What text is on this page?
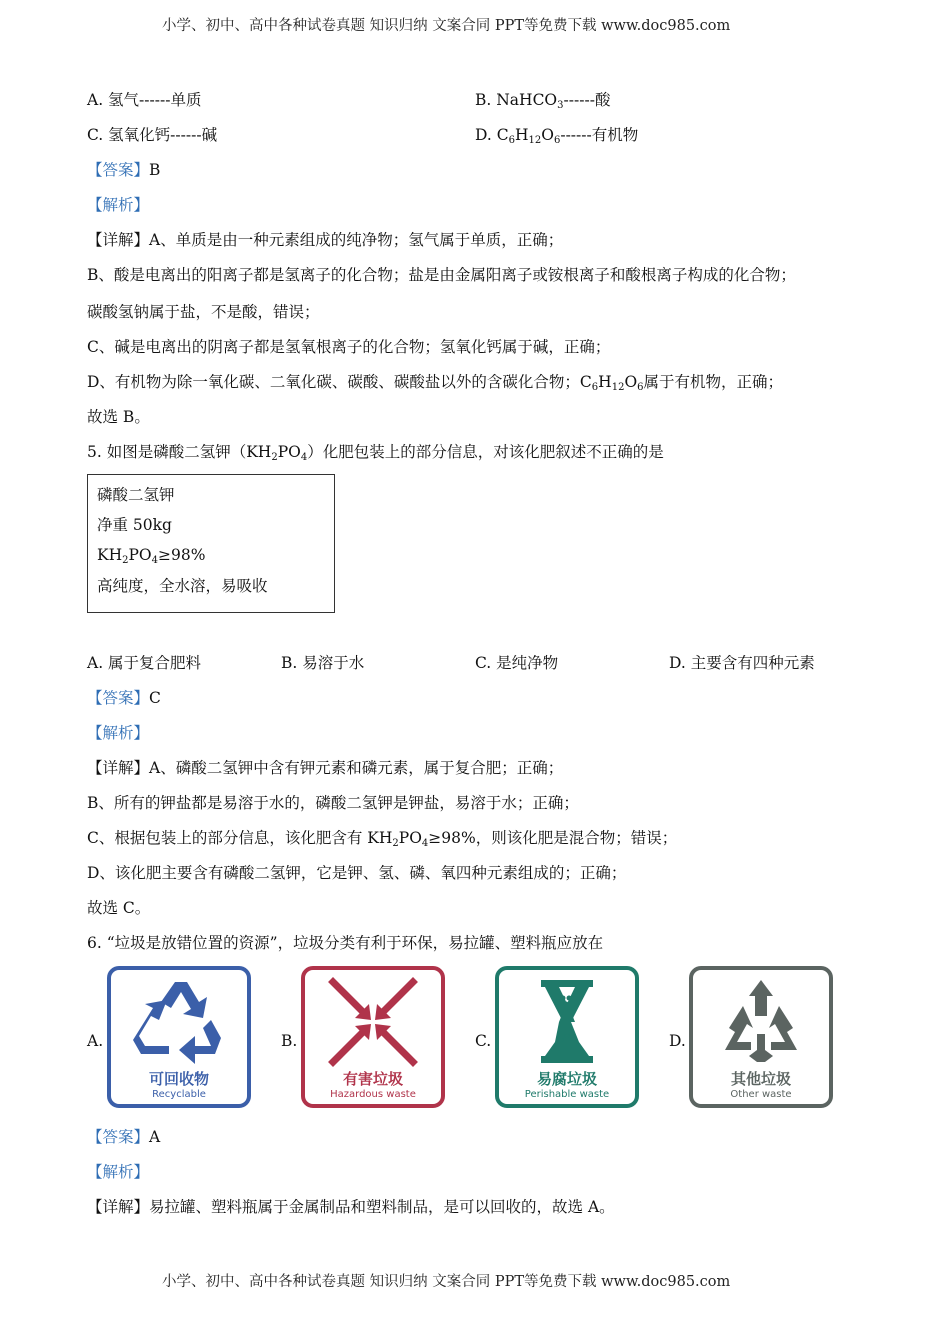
小学、初中、高中各种试卷真题 知识归纳 文案合同 PPT等免费下载 www.doc985.com
A. 氢气------单质	B. NaHCO$_3$------酸
C. 氢氧化钙------碱	D. $C_6H_{12}O_6------$有机物
【答案】B
【解析】
【详解】A、单质是由一种元素组成的纯净物；氢气属于单质，正确；
B、酸是电离出的阳离子都是氢离子的化合物；盐是由金属阳离子或铵根离子和酸根离子构成的化合物；
碳酸氢钠属于盐，不是酸，错误；
C、碱是电离出的阴离子都是氢氧根离子的化合物；氢氧化钙属于碱，正确；
D、有机物为除一氧化碳、二氧化碳、碳酸、碳酸盐以外的含碳化合物；$C_6H_{12}O_6$属于有机物，正确；
故选 B。
5. 如图是磷酸二氢钾$(KH_2PO_4)$化肥包装上的部分信息，对该化肥叙述不正确的是
磷酸二氢钾
净重 50kg
$KH_2PO_4\ge 98\%$
高纯度，全水溶，易吸收
A. 属于复合肥料	B. 易溶于水	C. 是纯净物	D. 主要含有四种元素
【答案】C
【解析】
【详解】A、磷酸二氢钾中含有钾元素和磷元素，属于复合肥；正确；
B、所有的钾盐都是易溶于水的，磷酸二氢钾是钾盐，易溶于水；正确；
C、根据包装上的部分信息，该化肥含有 $KH_2PO_4\ge 98\%$，则该化肥是混合物；错误；
D、该化肥主要含有磷酸二氢钾，它是钾、氢、磷、氧四种元素组成的；正确；
故选 C。
6. “垃圾是放错位置的资源”，垃圾分类有利于环保，易拉罐、塑料瓶应放在
A.	B.	C.	D.
可回收物
Recyclable
有害垃圾
Hazardous waste
易腐垃圾
Perishable waste
其他垃圾
Other waste
【答案】A
【解析】
【详解】易拉罐、塑料瓶属于金属制品和塑料制品，是可以回收的，故选 A。
小学、初中、高中各种试卷真题 知识归纳 文案合同 PPT等免费下载 www.doc985.com
